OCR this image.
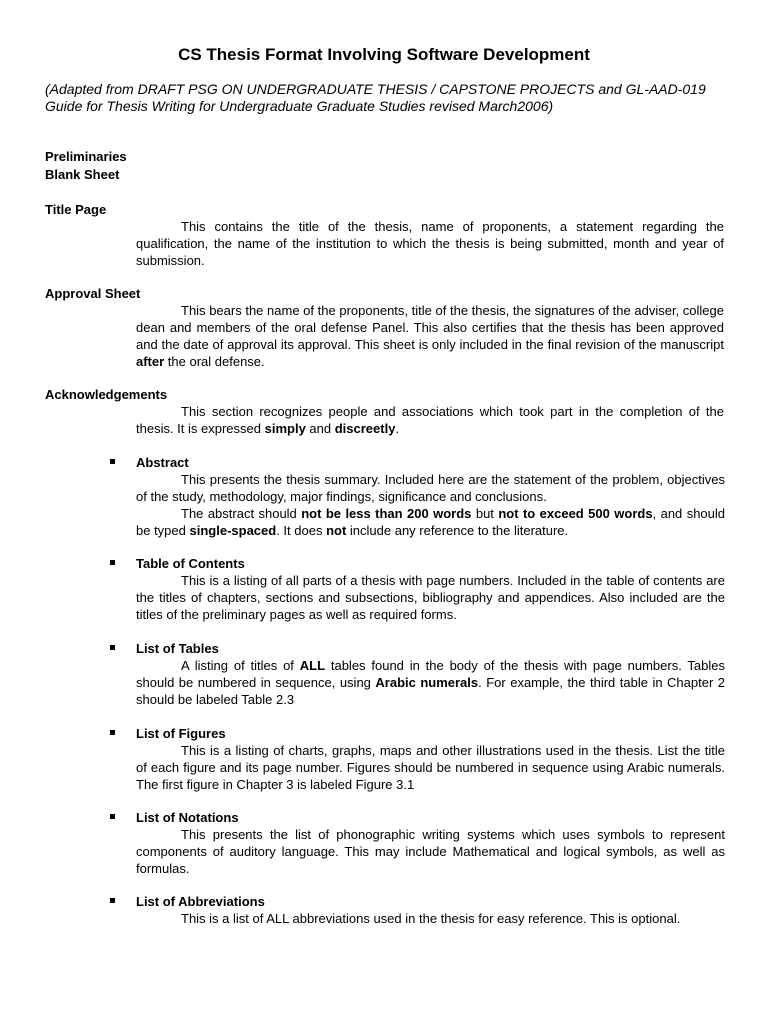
CS Thesis Format Involving Software Development
(Adapted from DRAFT PSG ON UNDERGRADUATE THESIS / CAPSTONE PROJECTS and GL-AAD-019 Guide for Thesis Writing for Undergraduate Graduate Studies revised March2006)
Preliminaries
Blank Sheet
Title Page

This contains the title of the thesis, name of proponents, a statement regarding the qualification, the name of the institution to which the thesis is being submitted, month and year of submission.

Approval Sheet

This bears the name of the proponents, title of the thesis, the signatures of the adviser, college dean and members of the oral defense Panel. This also certifies that the thesis has been approved and the date of approval its approval. This sheet is only included in the final revision of the manuscript after the oral defense.

Acknowledgements

This section recognizes people and associations which took part in the completion of the thesis. It is expressed simply and discreetly.

Abstract

This presents the thesis summary. Included here are the statement of the problem, objectives of the study, methodology, major findings, significance and conclusions.

The abstract should not be less than 200 words but not to exceed 500 words, and should be typed single-spaced. It does not include any reference to the literature.

Table of Contents

This is a listing of all parts of a thesis with page numbers. Included in the table of contents are the titles of chapters, sections and subsections, bibliography and appendices. Also included are the titles of the preliminary pages as well as required forms.

List of Tables

A listing of titles of ALL tables found in the body of the thesis with page numbers. Tables should be numbered in sequence, using Arabic numerals. For example, the third table in Chapter 2 should be labeled Table 2.3

List of Figures

This is a listing of charts, graphs, maps and other illustrations used in the thesis. List the title of each figure and its page number. Figures should be numbered in sequence using Arabic numerals. The first figure in Chapter 3 is labeled Figure 3.1

List of Notations

This presents the list of phonographic writing systems which uses symbols to represent components of auditory language. This may include Mathematical and logical symbols, as well as formulas.

List of Abbreviations

This is a list of ALL abbreviations used in the thesis for easy reference. This is optional.
